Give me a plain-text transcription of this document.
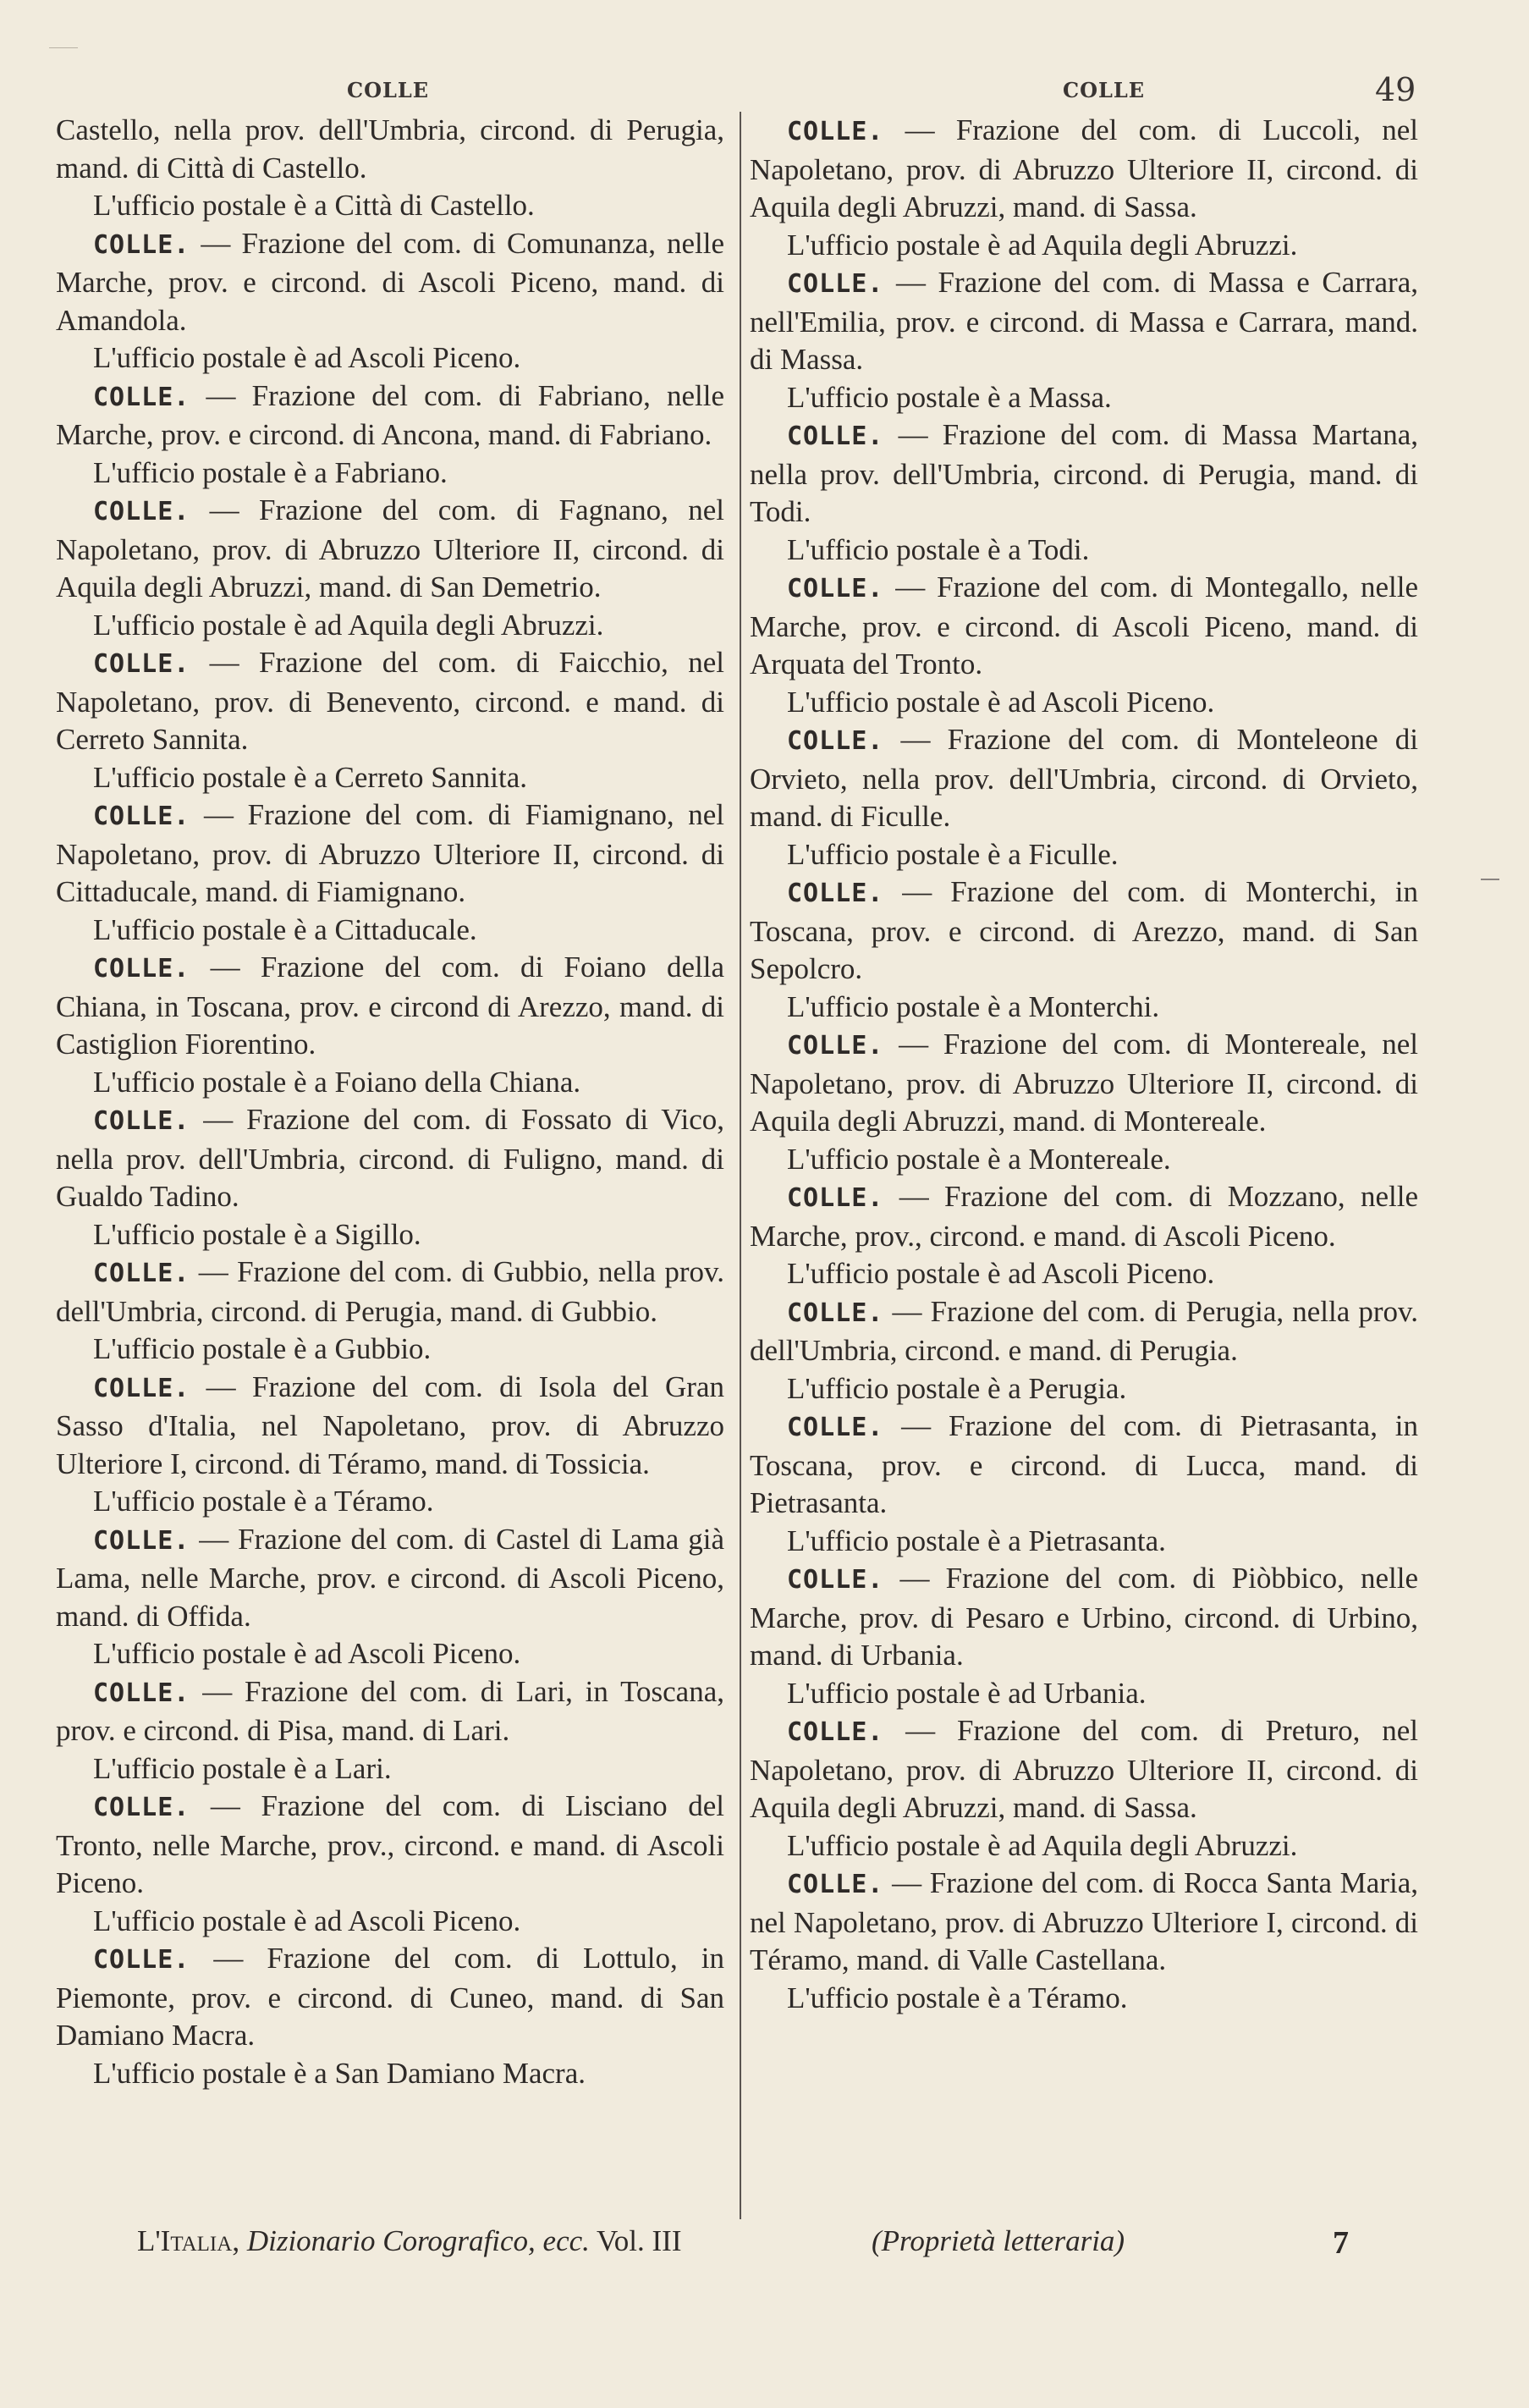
COLLE	COLLE	49

Castello, nella prov. dell'Umbria, circond. di Perugia, mand. di Città di Castello.

L'ufficio postale è a Città di Castello.

COLLE. — Frazione del com. di Comunanza, nelle Marche, prov. e circond. di Ascoli Piceno, mand. di Amandola.

L'ufficio postale è ad Ascoli Piceno.

COLLE. — Frazione del com. di Fabriano, nelle Marche, prov. e circond. di Ancona, mand. di Fabriano.

L'ufficio postale è a Fabriano.

COLLE. — Frazione del com. di Fagnano, nel Napoletano, prov. di Abruzzo Ulteriore II, circond. di Aquila degli Abruzzi, mand. di San Demetrio.

L'ufficio postale è ad Aquila degli Abruzzi.

COLLE. — Frazione del com. di Faicchio, nel Napoletano, prov. di Benevento, circond. e mand. di Cerreto Sannita.

L'ufficio postale è a Cerreto Sannita.

COLLE. — Frazione del com. di Fiamignano, nel Napoletano, prov. di Abruzzo Ulteriore II, circond. di Cittaducale, mand. di Fiamignano.

L'ufficio postale è a Cittaducale.

COLLE. — Frazione del com. di Foiano della Chiana, in Toscana, prov. e circond di Arezzo, mand. di Castiglion Fiorentino.

L'ufficio postale è a Foiano della Chiana.

COLLE. — Frazione del com. di Fossato di Vico, nella prov. dell'Umbria, circond. di Fuligno, mand. di Gualdo Tadino.

L'ufficio postale è a Sigillo.

COLLE. — Frazione del com. di Gubbio, nella prov. dell'Umbria, circond. di Perugia, mand. di Gubbio.

L'ufficio postale è a Gubbio.

COLLE. — Frazione del com. di Isola del Gran Sasso d'Italia, nel Napoletano, prov. di Abruzzo Ulteriore I, circond. di Téramo, mand. di Tossicia.

L'ufficio postale è a Téramo.

COLLE. — Frazione del com. di Castel di Lama già Lama, nelle Marche, prov. e circond. di Ascoli Piceno, mand. di Offida.

L'ufficio postale è ad Ascoli Piceno.

COLLE. — Frazione del com. di Lari, in Toscana, prov. e circond. di Pisa, mand. di Lari.

L'ufficio postale è a Lari.

COLLE. — Frazione del com. di Lisciano del Tronto, nelle Marche, prov., circond. e mand. di Ascoli Piceno.

L'ufficio postale è ad Ascoli Piceno.

COLLE. — Frazione del com. di Lottulo, in Piemonte, prov. e circond. di Cuneo, mand. di San Damiano Macra.

L'ufficio postale è a San Damiano Macra.

COLLE. — Frazione del com. di Luccoli, nel Napoletano, prov. di Abruzzo Ulteriore II, circond. di Aquila degli Abruzzi, mand. di Sassa.

L'ufficio postale è ad Aquila degli Abruzzi.

COLLE. — Frazione del com. di Massa e Carrara, nell'Emilia, prov. e circond. di Massa e Carrara, mand. di Massa.

L'ufficio postale è a Massa.

COLLE. — Frazione del com. di Massa Martana, nella prov. dell'Umbria, circond. di Perugia, mand. di Todi.

L'ufficio postale è a Todi.

COLLE. — Frazione del com. di Montegallo, nelle Marche, prov. e circond. di Ascoli Piceno, mand. di Arquata del Tronto.

L'ufficio postale è ad Ascoli Piceno.

COLLE. — Frazione del com. di Monteleone di Orvieto, nella prov. dell'Umbria, circond. di Orvieto, mand. di Ficulle.

L'ufficio postale è a Ficulle.

COLLE. — Frazione del com. di Monterchi, in Toscana, prov. e circond. di Arezzo, mand. di San Sepolcro.

L'ufficio postale è a Monterchi.

COLLE. — Frazione del com. di Montereale, nel Napoletano, prov. di Abruzzo Ulteriore II, circond. di Aquila degli Abruzzi, mand. di Montereale.

L'ufficio postale è a Montereale.

COLLE. — Frazione del com. di Mozzano, nelle Marche, prov., circond. e mand. di Ascoli Piceno.

L'ufficio postale è ad Ascoli Piceno.

COLLE. — Frazione del com. di Perugia, nella prov. dell'Umbria, circond. e mand. di Perugia.

L'ufficio postale è a Perugia.

COLLE. — Frazione del com. di Pietrasanta, in Toscana, prov. e circond. di Lucca, mand. di Pietrasanta.

L'ufficio postale è a Pietrasanta.

COLLE. — Frazione del com. di Piòbbico, nelle Marche, prov. di Pesaro e Urbino, circond. di Urbino, mand. di Urbania.

L'ufficio postale è ad Urbania.

COLLE. — Frazione del com. di Preturo, nel Napoletano, prov. di Abruzzo Ulteriore II, circond. di Aquila degli Abruzzi, mand. di Sassa.

L'ufficio postale è ad Aquila degli Abruzzi.

COLLE. — Frazione del com. di Rocca Santa Maria, nel Napoletano, prov. di Abruzzo Ulteriore I, circond. di Téramo, mand. di Valle Castellana.

L'ufficio postale è a Téramo.

L'Italia, Dizionario Corografico, ecc. Vol. III	(Proprietà letteraria)	7
